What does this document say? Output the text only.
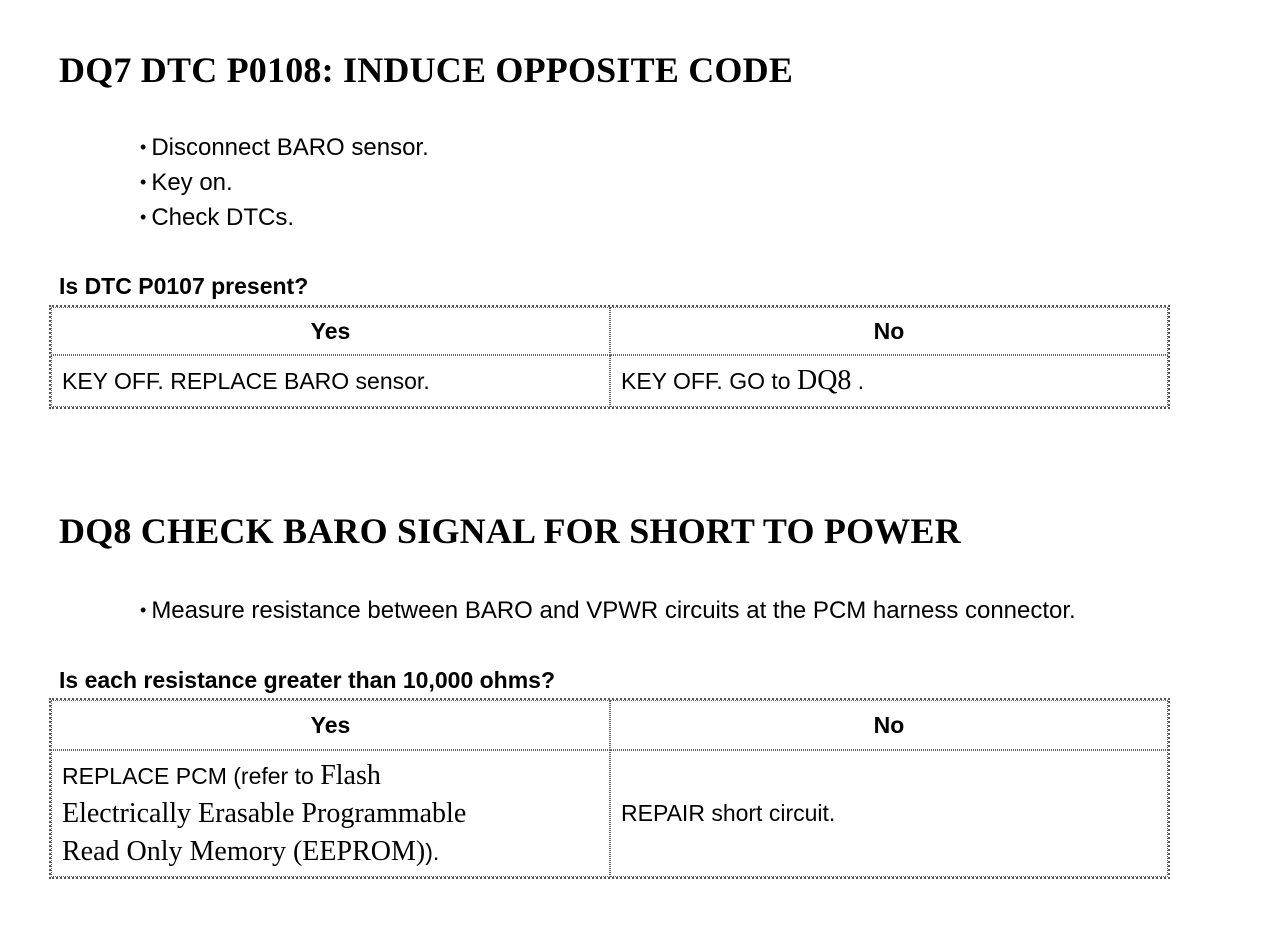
DQ7 DTC P0108: INDUCE OPPOSITE CODE
• Disconnect BARO sensor.
• Key on.
• Check DTCs.

Is DTC P0107 present?

Yes	No
KEY OFF. REPLACE BARO sensor.	KEY OFF. GO to DQ8 .
DQ8 CHECK BARO SIGNAL FOR SHORT TO POWER
• Measure resistance between BARO and VPWR circuits at the PCM harness connector.

Is each resistance greater than 10,000 ohms?

Yes	No

REPLACE PCM (refer to Flash
Electrically Erasable Programmable
Read Only Memory (EEPROM)).	REPAIR short circuit.
